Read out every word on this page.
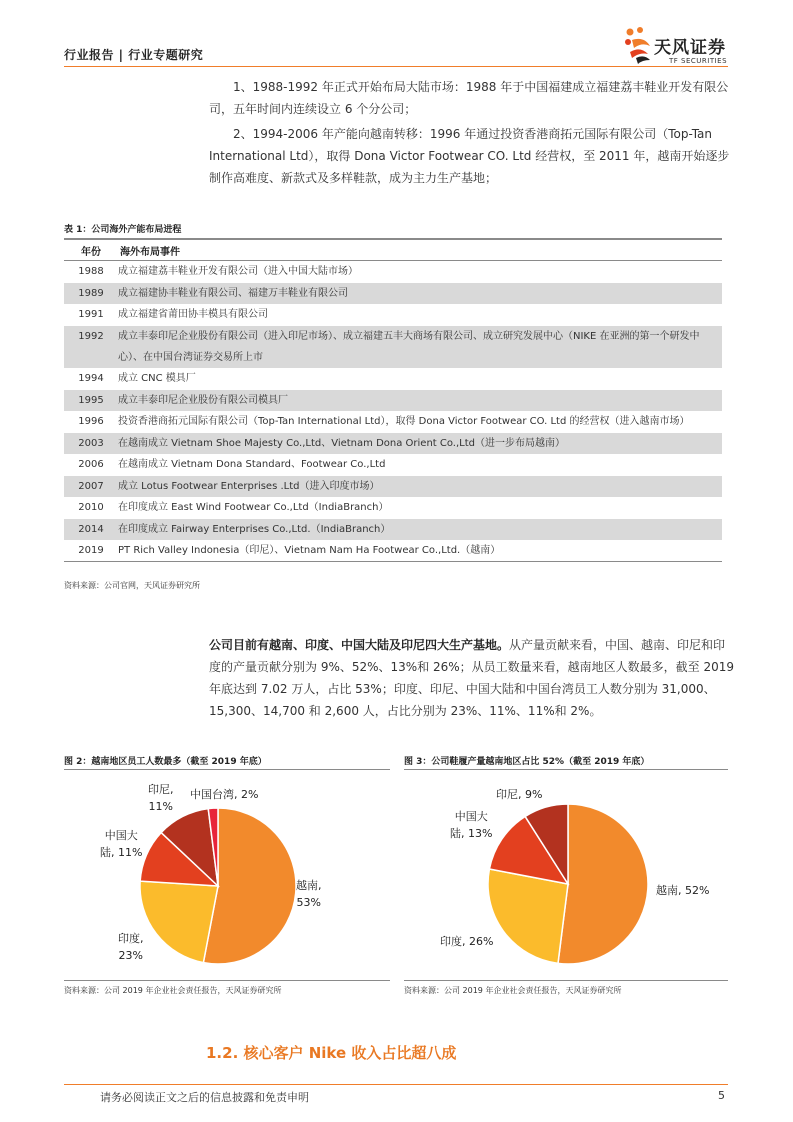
行业报告 | 行业专题研究	天风证券
TF SECURITIES
1、1988-1992 年正式开始布局大陆市场：1988 年于中国福建成立福建荔丰鞋业开发有限公司，五年时间内连续设立 6 个分公司；
2、1994-2006 年产能向越南转移：1996 年通过投资香港商拓元国际有限公司（Top-Tan International Ltd），取得 Dona Victor Footwear CO. Ltd 经营权，至 2011 年，越南开始逐步制作高难度、新款式及多样鞋款，成为主力生产基地；
表 1：公司海外产能布局进程
年份	海外布局事件
1988	成立福建荔丰鞋业开发有限公司（进入中国大陆市场）
1989	成立福建协丰鞋业有限公司、福建万丰鞋业有限公司
1991	成立福建省莆田协丰模具有限公司
1992	成立丰泰印尼企业股份有限公司（进入印尼市场）、成立福建五丰大商场有限公司、成立研究发展中心（NIKE 在亚洲的第一个研发中心）、在中国台湾证券交易所上市
1994	成立 CNC 模具厂
1995	成立丰泰印尼企业股份有限公司模具厂
1996	投资香港商拓元国际有限公司（Top-Tan International Ltd），取得 Dona Victor Footwear CO. Ltd 的经营权（进入越南市场）
2003	在越南成立 Vietnam Shoe Majesty Co.,Ltd、Vietnam Dona Orient Co.,Ltd（进一步布局越南）
2006	在越南成立 Vietnam Dona Standard、Footwear Co.,Ltd
2007	成立 Lotus Footwear Enterprises .Ltd（进入印度市场）
2010	在印度成立 East Wind Footwear Co.,Ltd（IndiaBranch）
2014	在印度成立 Fairway Enterprises Co.,Ltd.（IndiaBranch）
2019	PT Rich Valley Indonesia（印尼）、Vietnam Nam Ha Footwear Co.,Ltd.（越南）
资料来源：公司官网，天风证券研究所
公司目前有越南、印度、中国大陆及印尼四大生产基地。从产量贡献来看，中国、越南、印尼和印度的产量贡献分别为 9%、52%、13%和 26%；从员工数量来看，越南地区人数最多，截至 2019 年底达到 7.02 万人，占比 53%；印度、印尼、中国大陆和中国台湾员工人数分别为 31,000、15,300、14,700 和 2,600 人，占比分别为 23%、11%、11%和 2%。
图 2：越南地区员工人数最多（截至 2019 年底）
越南,
53%
印度,
23%
中国大
陆, 11%
印尼,
11%
中国台湾, 2%
资料来源：公司 2019 年企业社会责任报告，天风证券研究所
图 3：公司鞋履产量越南地区占比 52%（截至 2019 年底）
越南, 52%
印度, 26%
中国大
陆, 13%
印尼, 9%
资料来源：公司 2019 年企业社会责任报告，天风证券研究所
1.2. 核心客户 Nike 收入占比超八成
请务必阅读正文之后的信息披露和免责申明	5
